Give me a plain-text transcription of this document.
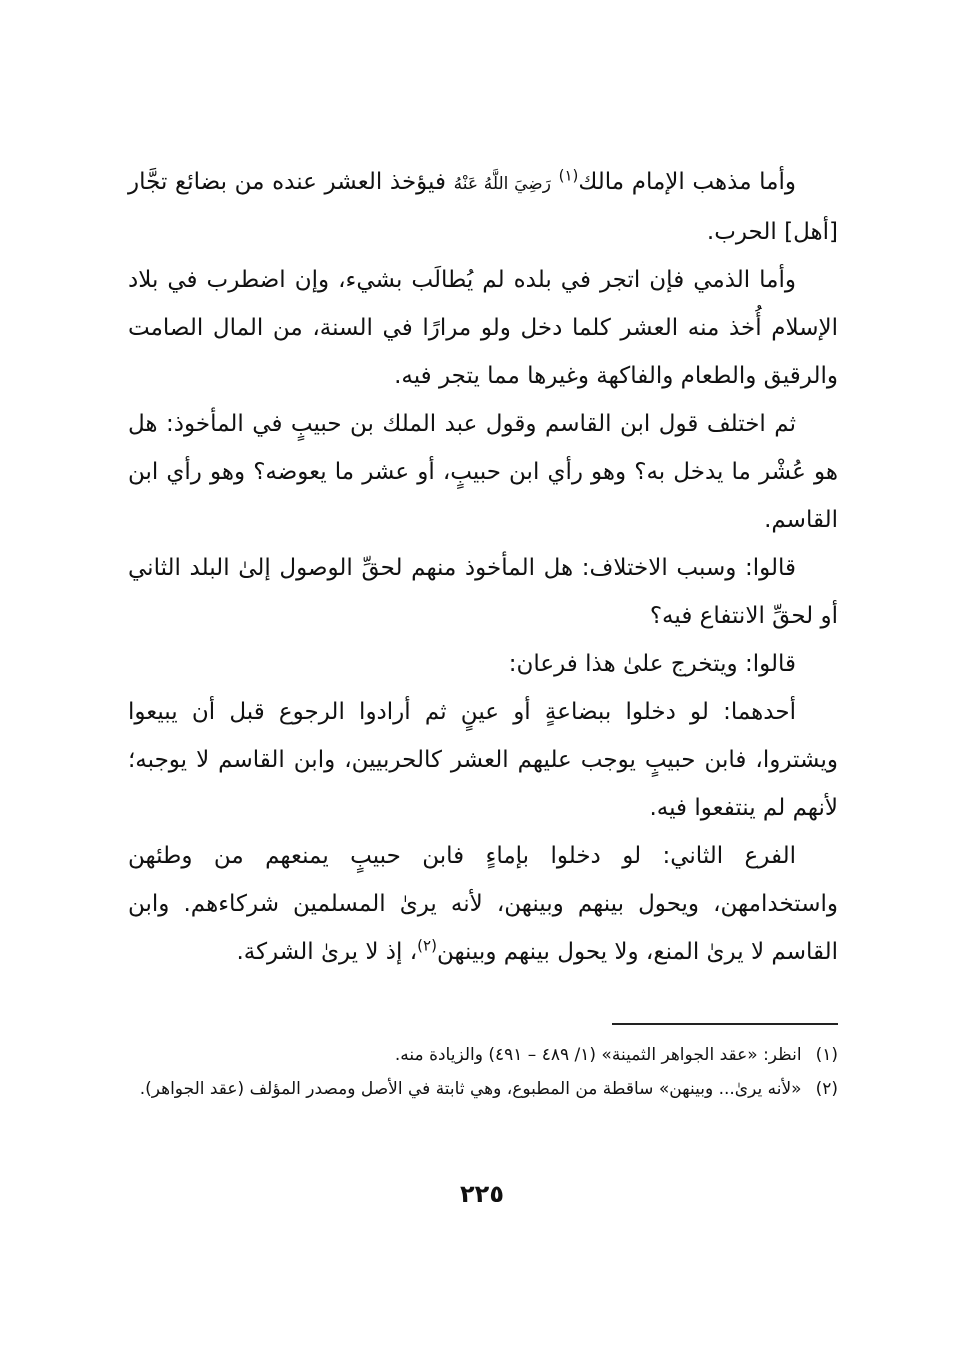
وأما مذهب الإمام مالك$^{(١)}$ رَضِيَ اللَّهُ عَنْهُ فيؤخذ العشر عنده من بضائع تجَّار [أهل] الحرب.

وأما الذمي فإن اتجر في بلده لم يُطالَب بشيء، وإن اضطرب في بلاد الإسلام أُخذ منه العشر كلما دخل ولو مرارًا في السنة، من المال الصامت والرقيق والطعام والفاكهة وغيرها مما يتجر فيه.

ثم اختلف قول ابن القاسم وقول عبد الملك بن حبيبٍ في المأخوذ: هل هو عُشْر ما يدخل به؟ وهو رأي ابن حبيبٍ، أو عشر ما يعوضه؟ وهو رأي ابن القاسم.

قالوا: وسبب الاختلاف: هل المأخوذ منهم لحقِّ الوصول إلىٰ البلد الثاني أو لحقِّ الانتفاع فيه؟

قالوا: ويتخرج علىٰ هذا فرعان:

أحدهما: لو دخلوا ببضاعةٍ أو عينٍ ثم أرادوا الرجوع قبل أن يبيعوا ويشتروا، فابن حبيبٍ يوجب عليهم العشر كالحربيين، وابن القاسم لا يوجبه؛ لأنهم لم ينتفعوا فيه.

الفرع الثاني: لو دخلوا بإماءٍ فابن حبيبٍ يمنعهم من وطئهن واستخدامهن، ويحول بينهم وبينهن، لأنه يرىٰ المسلمين شركاءهم. وابن القاسم لا يرىٰ المنع، ولا يحول بينهم وبينهن$^{(٢)}$، إذ لا يرىٰ الشركة.

(١)
انظر: «عقد الجواهر الثمينة» (١/ ٤٨٩ – ٤٩١) والزيادة منه.
(٢)
«لأنه يرىٰ... وبينهن» ساقطة من المطبوع، وهي ثابتة في الأصل ومصدر المؤلف (عقد الجواهر).
٢٢٥
